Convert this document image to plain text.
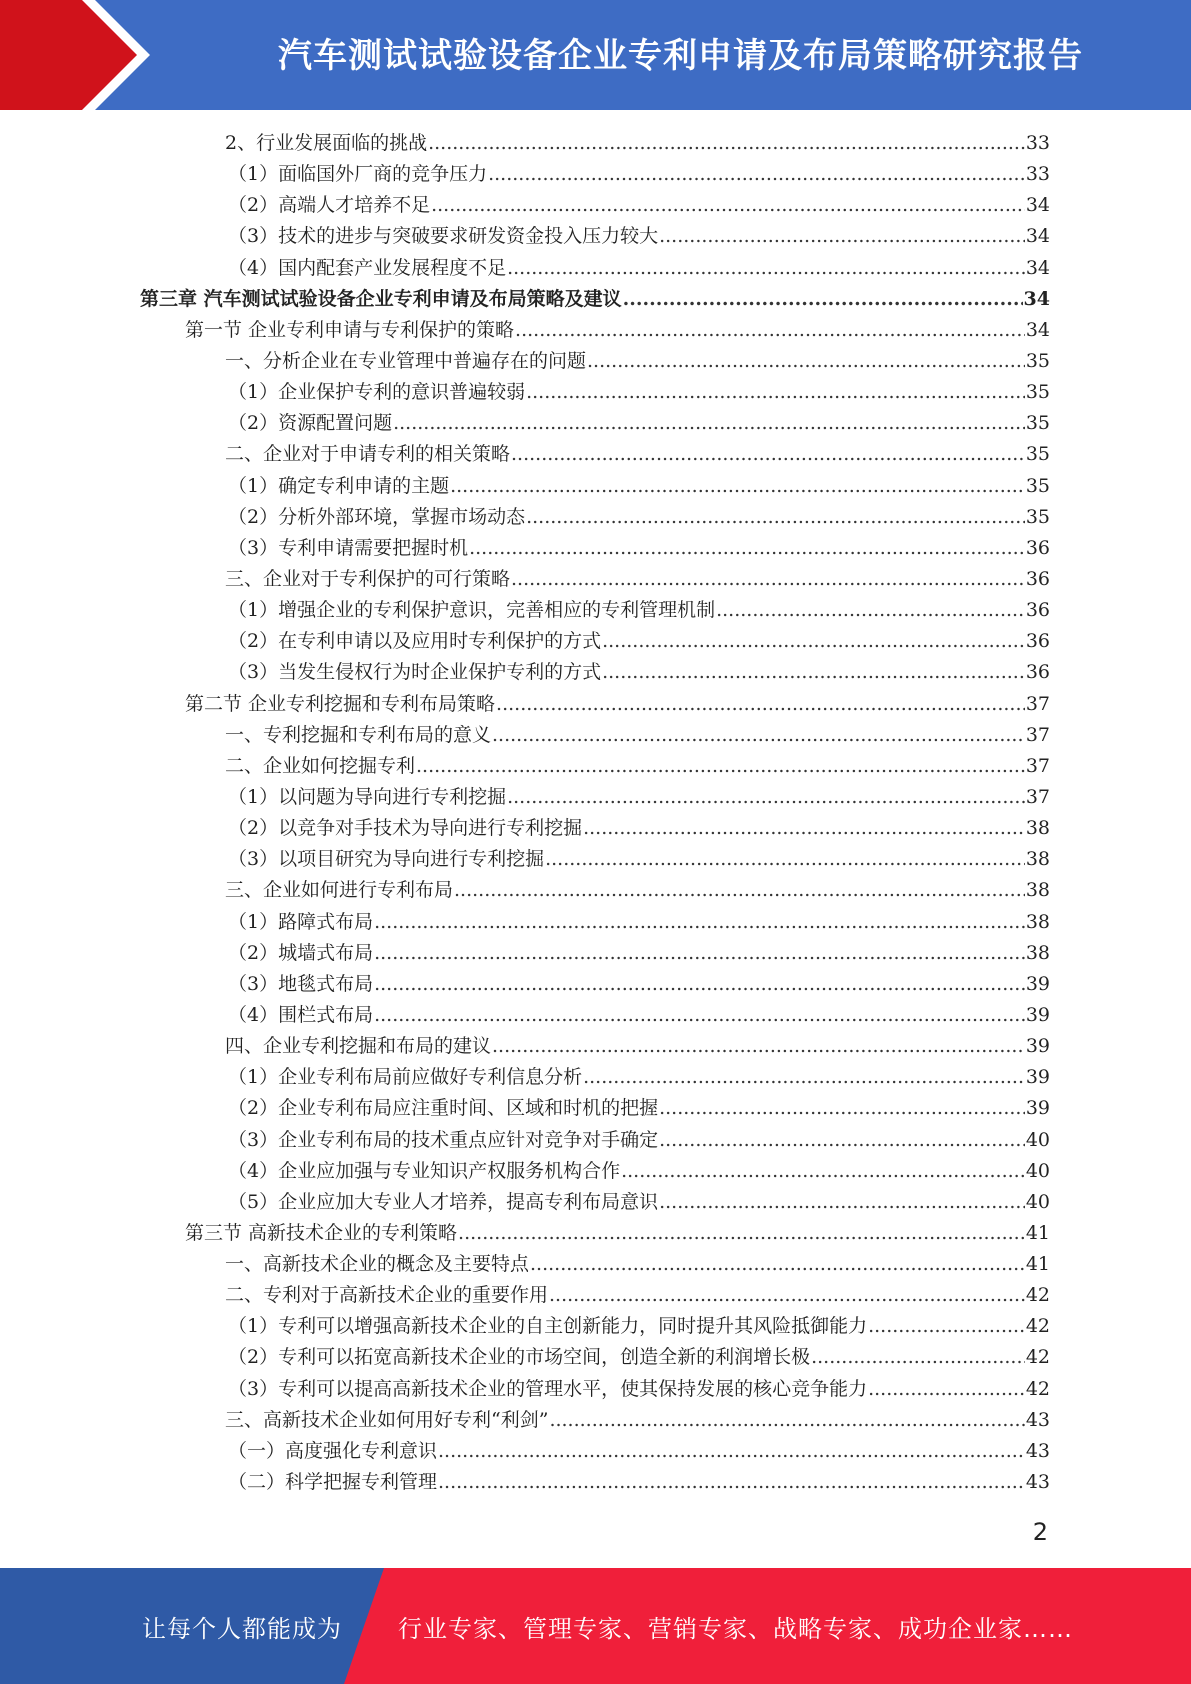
汽车测试试验设备企业专利申请及布局策略研究报告
2、行业发展面临的挑战 .....	33
（1）面临国外厂商的竞争压力 .....	33
（2）高端人才培养不足 .....	34
（3）技术的进步与突破要求研发资金投入压力较大 .....	34
（4）国内配套产业发展程度不足 .....	34
第三章 汽车测试试验设备企业专利申请及布局策略及建议 .....	34
第一节 企业专利申请与专利保护的策略 .....	34
一、分析企业在专业管理中普遍存在的问题 .....	35
（1）企业保护专利的意识普遍较弱 .....	35
（2）资源配置问题 .....	35
二、企业对于申请专利的相关策略 .....	35
（1）确定专利申请的主题 .....	35
（2）分析外部环境，掌握市场动态 .....	35
（3）专利申请需要把握时机 .....	36
三、企业对于专利保护的可行策略 .....	36
（1）增强企业的专利保护意识，完善相应的专利管理机制 .....	36
（2）在专利申请以及应用时专利保护的方式 .....	36
（3）当发生侵权行为时企业保护专利的方式 .....	36
第二节 企业专利挖掘和专利布局策略 .....	37
一、专利挖掘和专利布局的意义 .....	37
二、企业如何挖掘专利 .....	37
（1）以问题为导向进行专利挖掘 .....	37
（2）以竞争对手技术为导向进行专利挖掘 .....	38
（3）以项目研究为导向进行专利挖掘 .....	38
三、企业如何进行专利布局 .....	38
（1）路障式布局 .....	38
（2）城墙式布局 .....	38
（3）地毯式布局 .....	39
（4）围栏式布局 .....	39
四、企业专利挖掘和布局的建议 .....	39
（1）企业专利布局前应做好专利信息分析 .....	39
（2）企业专利布局应注重时间、区域和时机的把握 .....	39
（3）企业专利布局的技术重点应针对竞争对手确定 .....	40
（4）企业应加强与专业知识产权服务机构合作 .....	40
（5）企业应加大专业人才培养，提高专利布局意识 .....	40
第三节 高新技术企业的专利策略 .....	41
一、高新技术企业的概念及主要特点 .....	41
二、专利对于高新技术企业的重要作用 .....	42
（1）专利可以增强高新技术企业的自主创新能力，同时提升其风险抵御能力 .....	42
（2）专利可以拓宽高新技术企业的市场空间，创造全新的利润增长极 .....	42
（3）专利可以提高高新技术企业的管理水平，使其保持发展的核心竞争能力 .....	42
三、高新技术企业如何用好专利“利剑” .....	43
（一）高度强化专利意识 .....	43
（二）科学把握专利管理 .....	43
2
让每个人都能成为 行业专家、管理专家、营销专家、战略专家、成功企业家……
